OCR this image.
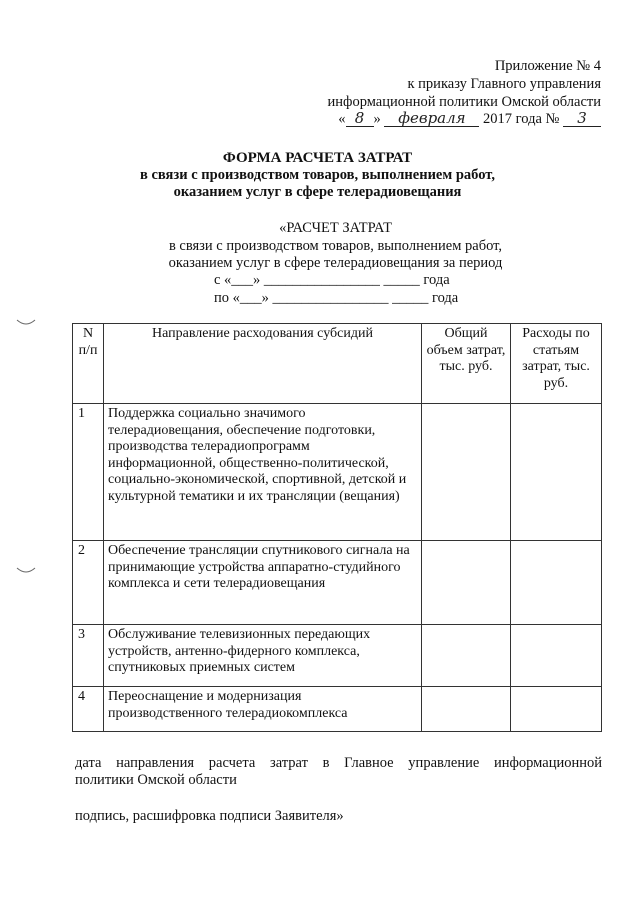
Приложение № 4
к приказу Главного управления
информационной политики Омской области
« 8 » февраля 2017 года № 3
ФОРМА РАСЧЕТА ЗАТРАТ
в связи с производством товаров, выполнением работ,
оказанием услуг в сфере телерадиовещания
«РАСЧЕТ ЗАТРАТ
в связи с производством товаров, выполнением работ,
оказанием услуг в сфере телерадиовещания за период
с «___» ________________ _____ года
по «___» ________________ _____ года
N п/п	Направление расходования субсидий	Общий объем затрат, тыс. руб.	Расходы по статьям затрат, тыс. руб.
1	Поддержка социально значимого телерадиовещания, обеспечение подготовки, производства телерадиопрограмм информационной, общественно-политической, социально-экономической, спортивной, детской и культурной тематики и их трансляции (вещания)		
2	Обеспечение трансляции спутникового сигнала на принимающие устройства аппаратно-студийного комплекса и сети телерадиовещания		
3	Обслуживание телевизионных передающих устройств, антенно-фидерного комплекса, спутниковых приемных систем		
4	Переоснащение и модернизация производственного телерадиокомплекса		
дата направления расчета затрат в Главное управление информационной
политики Омской области
подпись, расшифровка подписи Заявителя»
